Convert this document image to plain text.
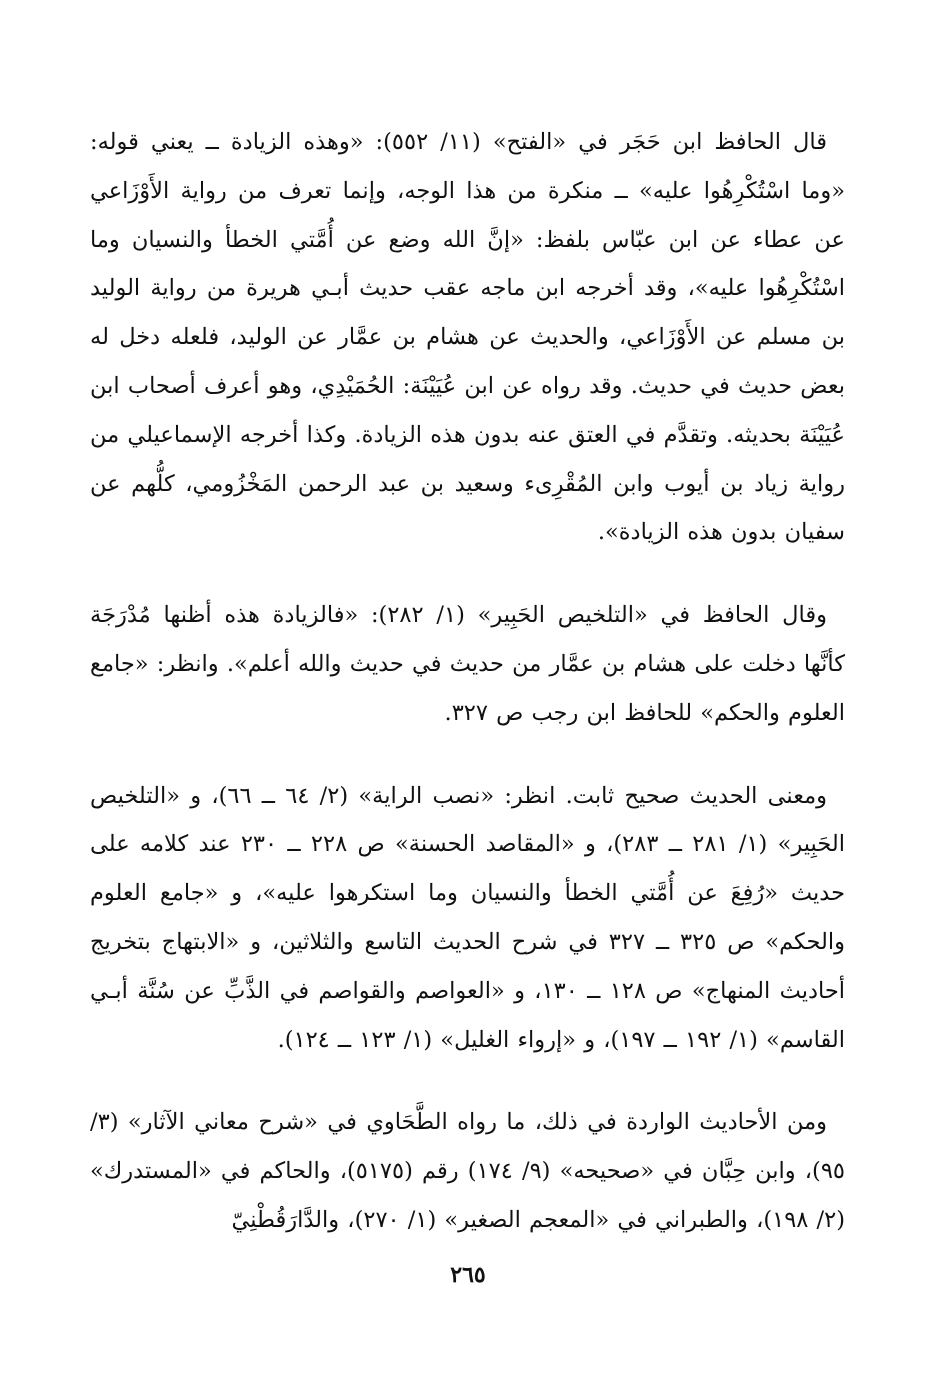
قال الحافظ ابن حَجَر في «الفتح» (١١/ ٥٥٢): «وهذه الزيادة ــ يعني قوله: «وما اسْتُكْرِهُوا عليه» ــ منكرة من هذا الوجه، وإنما تعرف من رواية الأَوْزَاعي عن عطاء عن ابن عبّاس بلفظ: «إنَّ الله وضع عن أُمَّتي الخطأ والنسيان وما اسْتُكْرِهُوا عليه»، وقد أخرجه ابن ماجه عقب حديث أبـي هريرة من رواية الوليد بن مسلم عن الأَوْزَاعي، والحديث عن هشام بن عمَّار عن الوليد، فلعله دخل له بعض حديث في حديث. وقد رواه عن ابن عُيَيْنَة: الحُمَيْدِي، وهو أعرف أصحاب ابن عُيَيْنَة بحديثه. وتقدَّم في العتق عنه بدون هذه الزيادة. وكذا أخرجه الإسماعيلي من رواية زياد بن أيوب وابن المُقْرِىء وسعيد بن عبد الرحمن المَخْزُومي، كلُّهم عن سفيان بدون هذه الزيادة».

وقال الحافظ في «التلخيص الحَبِير» (١/ ٢٨٢): «فالزيادة هذه أظنها مُدْرَجَة كأنَّها دخلت على هشام بن عمَّار من حديث في حديث والله أعلم». وانظر: «جامع العلوم والحكم» للحافظ ابن رجب ص ٣٢٧.

ومعنى الحديث صحيح ثابت. انظر: «نصب الراية» (٢/ ٦٤ ــ ٦٦)، و «التلخيص الحَبِير» (١/ ٢٨١ ــ ٢٨٣)، و «المقاصد الحسنة» ص ٢٢٨ ــ ٢٣٠ عند كلامه على حديث «رُفِعَ عن أُمَّتي الخطأ والنسيان وما استكرهوا عليه»، و «جامع العلوم والحكم» ص ٣٢٥ ــ ٣٢٧ في شرح الحديث التاسع والثلاثين، و «الابتهاج بتخريج أحاديث المنهاج» ص ١٢٨ ــ ١٣٠، و «العواصم والقواصم في الذَّبِّ عن سُنَّة أبـي القاسم» (١/ ١٩٢ ــ ١٩٧)، و «إرواء الغليل» (١/ ١٢٣ ــ ١٢٤).

ومن الأحاديث الواردة في ذلك، ما رواه الطَّحَاوي في «شرح معاني الآثار» (٣/ ٩٥)، وابن حِبَّان في «صحيحه» (٩/ ١٧٤) رقم (٥١٧٥)، والحاكم في «المستدرك» (٢/ ١٩٨)، والطبراني في «المعجم الصغير» (١/ ٢٧٠)، والدَّارَقُطْنِيّ

٢٦٥
